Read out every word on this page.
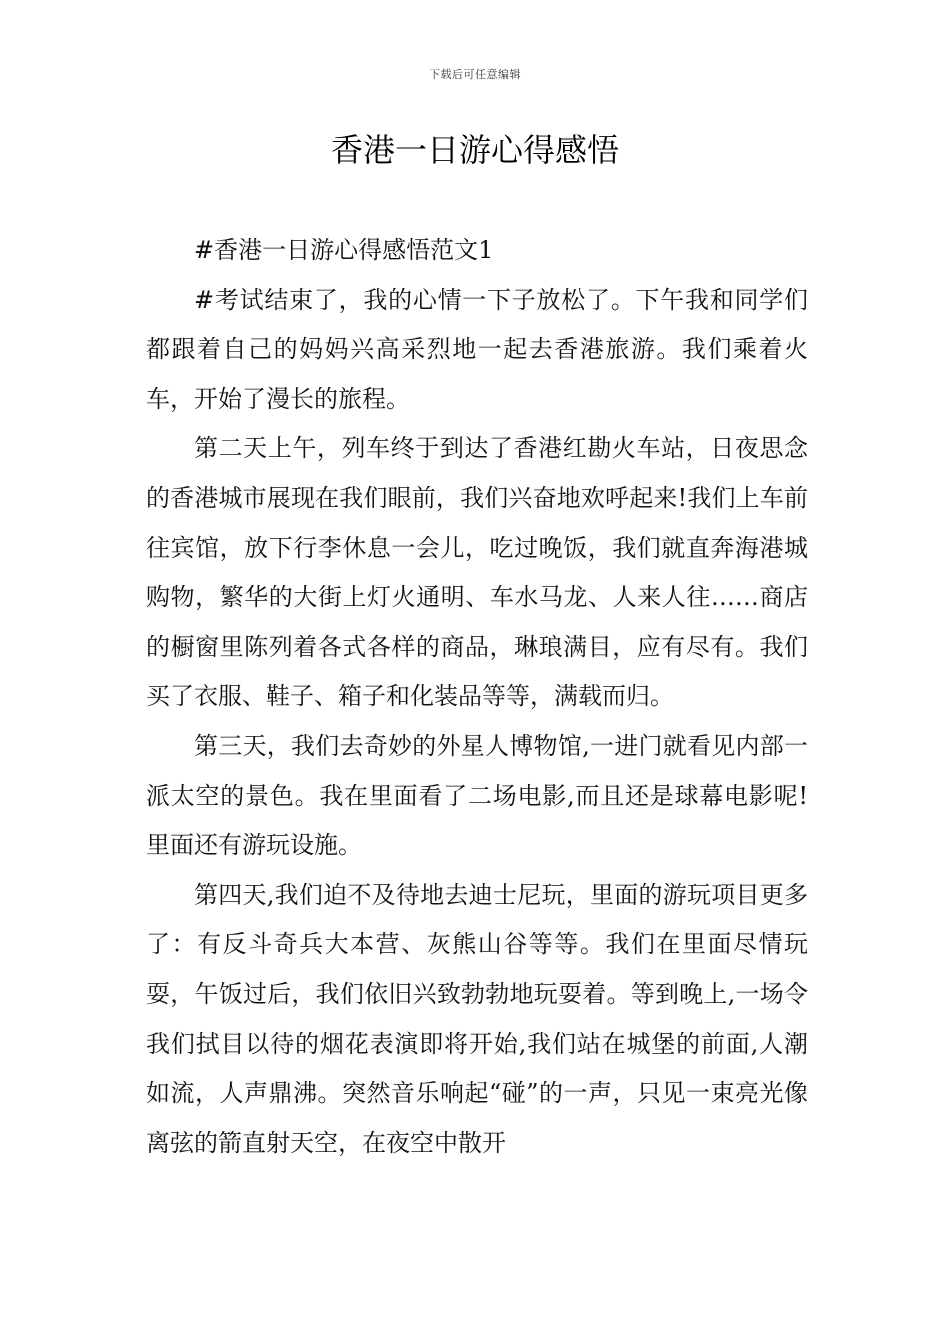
下载后可任意编辑
香港一日游心得感悟

#香港一日游心得感悟范文1

#考试结束了，我的心情一下子放松了。下午我和同学们都跟着自己的妈妈兴高采烈地一起去香港旅游。我们乘着火车，开始了漫长的旅程。

第二天上午，列车终于到达了香港红勘火车站，日夜思念的香港城市展现在我们眼前，我们兴奋地欢呼起来!我们上车前往宾馆，放下行李休息一会儿，吃过晚饭，我们就直奔海港城购物，繁华的大街上灯火通明、车水马龙、人来人往……商店的橱窗里陈列着各式各样的商品，琳琅满目，应有尽有。我们买了衣服、鞋子、箱子和化装品等等，满载而归。

第三天，我们去奇妙的外星人博物馆,一进门就看见内部一派太空的景色。我在里面看了二场电影,而且还是球幕电影呢!里面还有游玩设施。

第四天,我们迫不及待地去迪士尼玩，里面的游玩项目更多了：有反斗奇兵大本营、灰熊山谷等等。我们在里面尽情玩耍，午饭过后，我们依旧兴致勃勃地玩耍着。等到晚上,一场令我们拭目以待的烟花表演即将开始,我们站在城堡的前面,人潮如流，人声鼎沸。突然音乐响起“碰”的一声，只见一束亮光像离弦的箭直射天空，在夜空中散开
